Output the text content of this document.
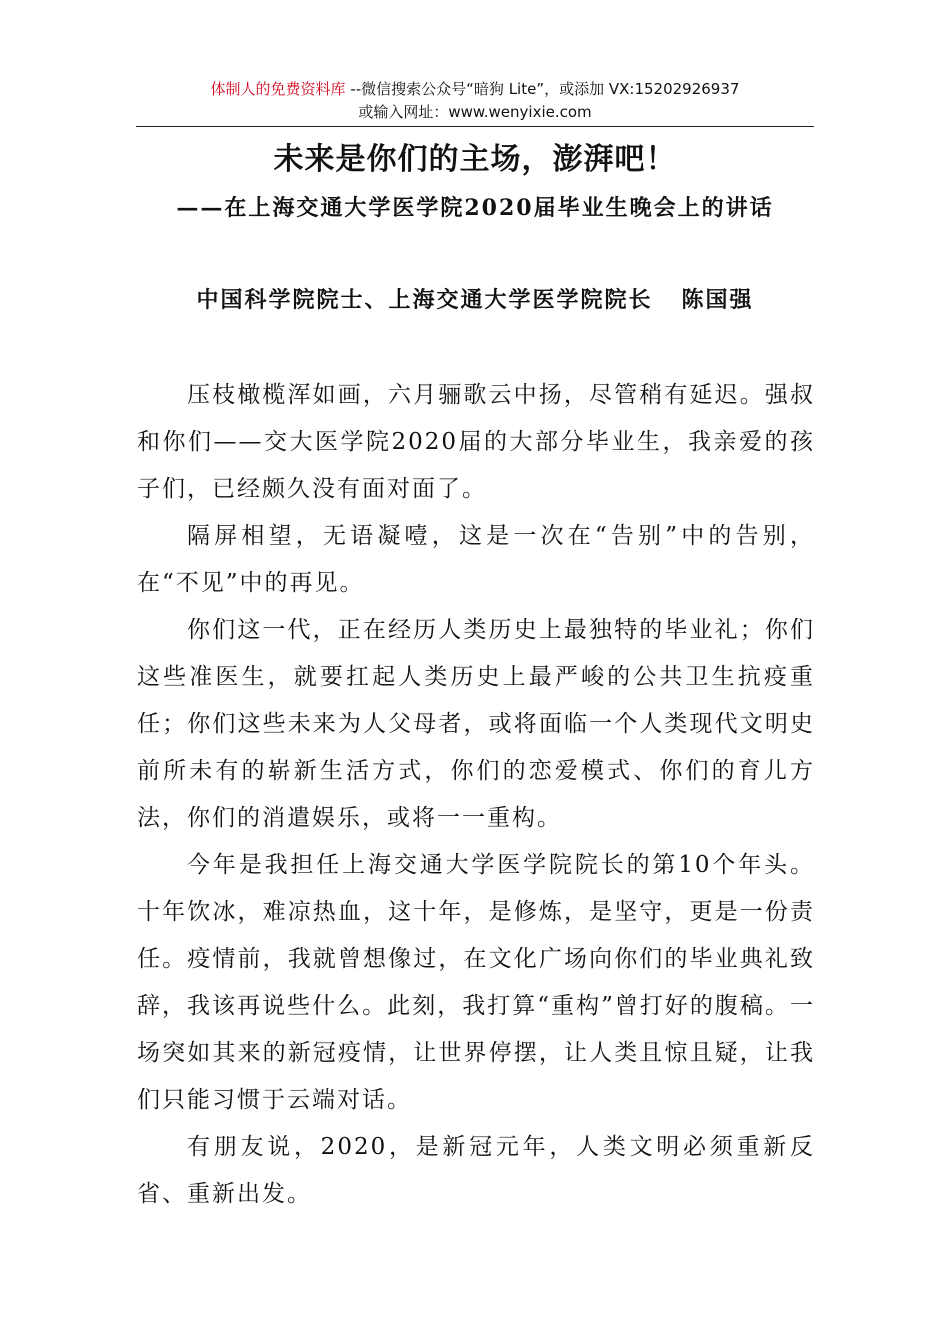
体制人的免费资料库 --微信搜索公众号“暗狗 Lite”，或添加 VX:15202926937
或输入网址：www.wenyixie.com
未来是你们的主场，澎湃吧！
——在上海交通大学医学院2020届毕业生晚会上的讲话
中国科学院院士、上海交通大学医学院院长   陈国强

压枝橄榄浑如画，六月骊歌云中扬，尽管稍有延迟。强叔和你们——交大医学院2020届的大部分毕业生，我亲爱的孩子们，已经颇久没有面对面了。

隔屏相望，无语凝噎，这是一次在“告别”中的告别，在“不见”中的再见。

你们这一代，正在经历人类历史上最独特的毕业礼；你们这些准医生，就要扛起人类历史上最严峻的公共卫生抗疫重任；你们这些未来为人父母者，或将面临一个人类现代文明史前所未有的崭新生活方式，你们的恋爱模式、你们的育儿方法，你们的消遣娱乐，或将一一重构。

今年是我担任上海交通大学医学院院长的第10个年头。十年饮冰，难凉热血，这十年，是修炼，是坚守，更是一份责任。疫情前，我就曾想像过，在文化广场向你们的毕业典礼致辞，我该再说些什么。此刻，我打算“重构”曾打好的腹稿。一场突如其来的新冠疫情，让世界停摆，让人类且惊且疑，让我们只能习惯于云端对话。

有朋友说，2020，是新冠元年，人类文明必须重新反省、重新出发。
